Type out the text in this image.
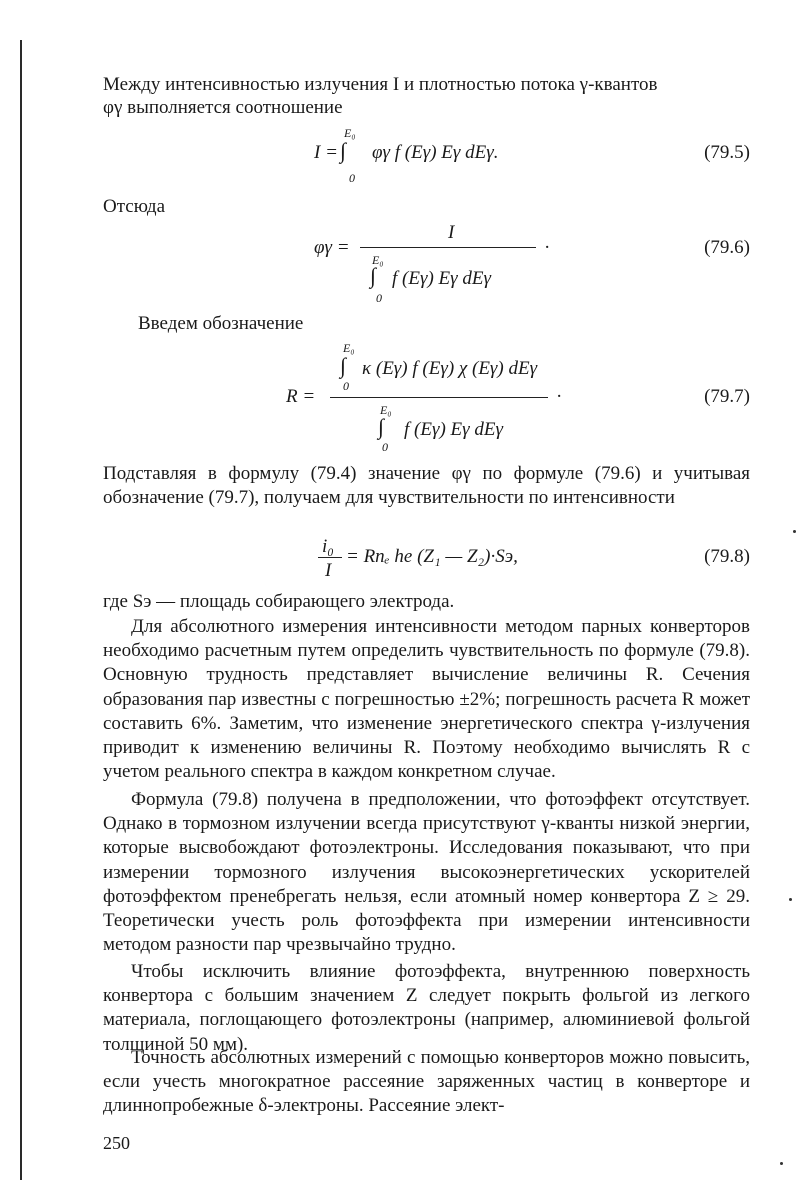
Между интенсивностью излучения I и плотностью потока γ-квантов
φγ выполняется соотношение
E₀
I = ∫ φγ f (Eγ) Eγ dEγ.
0
(79.5)
Отсюда
φγ =
I
·
E₀
∫ f (Eγ) Eγ dEγ
0
(79.6)
Введем обозначение
E₀
∫ κ (Eγ) f (Eγ) χ (Eγ) dEγ
0
R =	·
E₀
∫ f (Eγ) Eγ dEγ
0
(79.7)
Подставляя в формулу (79.4) значение φγ по формуле (79.6) и учитывая обозначение (79.7), получаем для чувствительности по интенсивности
i₀
I
= Rnₑ he (Z₁ — Z₂)·Sэ,	(79.8)
где Sэ — площадь собирающего электрода.
Для абсолютного измерения интенсивности методом парных конверторов необходимо расчетным путем определить чувствительность по формуле (79.8). Основную трудность представляет вычисление величины R. Сечения образования пар известны с погрешностью ±2%; погрешность расчета R может составить 6%. Заметим, что изменение энергетического спектра γ-излучения приводит к изменению величины R. Поэтому необходимо вычислять R с учетом реального спектра в каждом конкретном случае.
Формула (79.8) получена в предположении, что фотоэффект отсутствует. Однако в тормозном излучении всегда присутствуют γ-кванты низкой энергии, которые высвобождают фотоэлектроны. Исследования показывают, что при измерении тормозного излучения высокоэнергетических ускорителей фотоэффектом пренебрегать нельзя, если атомный номер конвертора Z ≥ 29. Теоретически учесть роль фотоэффекта при измерении интенсивности методом разности пар чрезвычайно трудно.
Чтобы исключить влияние фотоэффекта, внутреннюю поверхность конвертора с большим значением Z следует покрыть фольгой из легкого материала, поглощающего фотоэлектроны (например, алюминиевой фольгой толщиной 50 мм).
Точность абсолютных измерений с помощью конверторов можно повысить, если учесть многократное рассеяние заряженных частиц в конверторе и длиннопробежные δ-электроны. Рассеяние элект-
250
